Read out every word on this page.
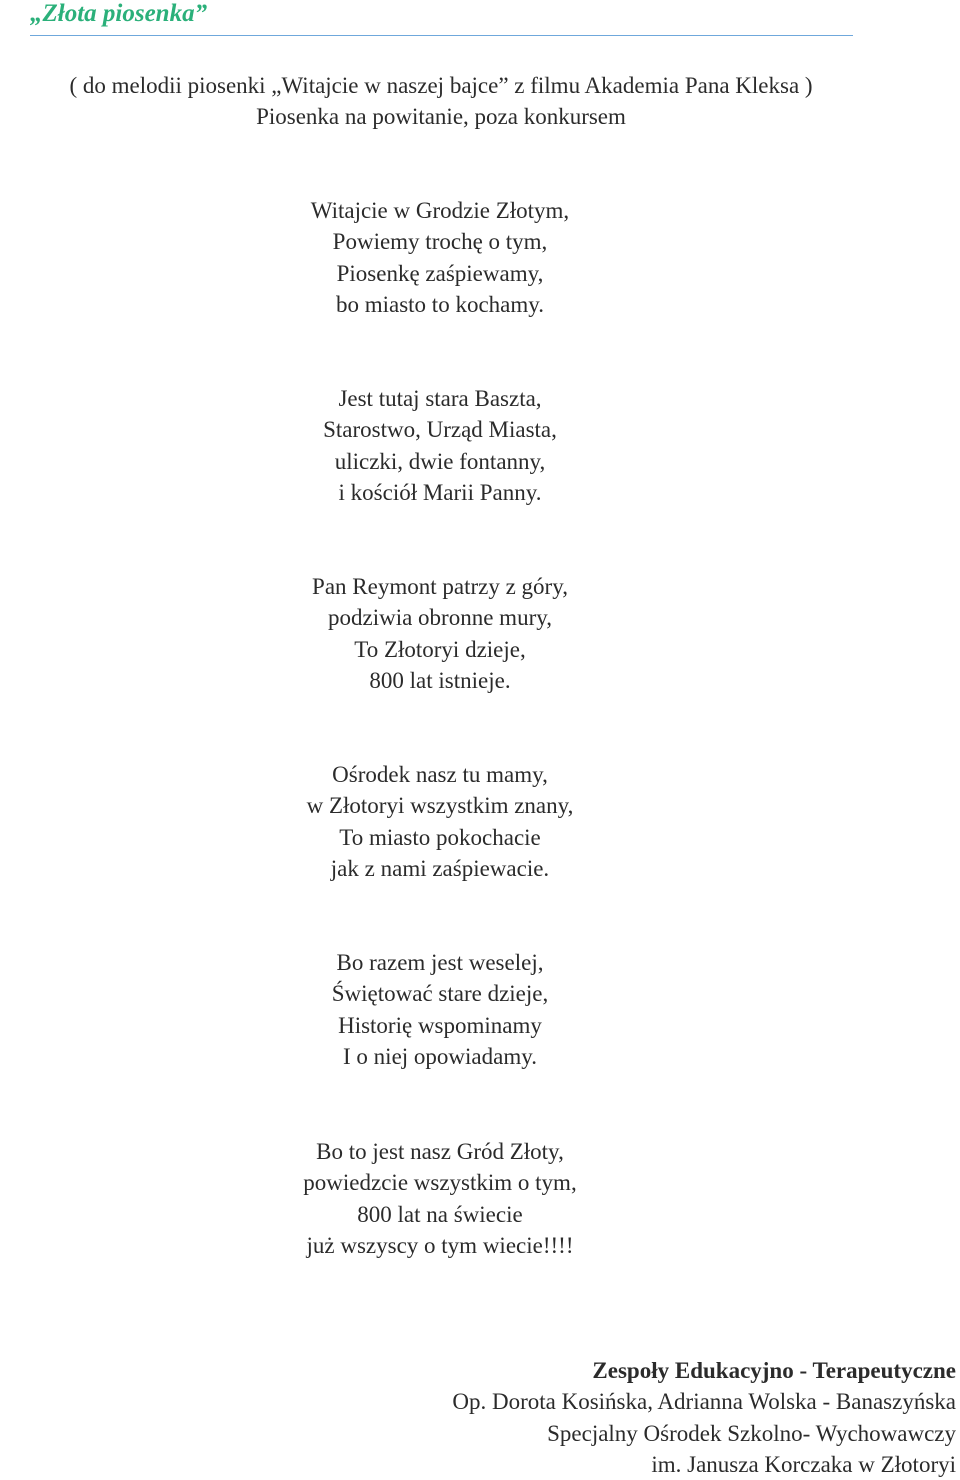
„Złota piosenka”
( do melodii piosenki „Witajcie w naszej bajce” z filmu Akademia Pana Kleksa )
Piosenka na powitanie, poza konkursem
Witajcie w Grodzie Złotym,
Powiemy trochę o tym,
Piosenkę zaśpiewamy,
bo miasto to kochamy.
Jest tutaj stara Baszta,
Starostwo, Urząd Miasta,
uliczki, dwie fontanny,
i kościół Marii Panny.
Pan Reymont patrzy z góry,
podziwia obronne mury,
To Złotoryi dzieje,
800 lat istnieje.
Ośrodek nasz tu mamy,
w Złotoryi wszystkim znany,
To miasto pokochacie
jak z nami zaśpiewacie.
Bo razem jest weselej,
Świętować stare dzieje,
Historię wspominamy
I o niej opowiadamy.
Bo to jest nasz Gród Złoty,
powiedzcie wszystkim o tym,
800 lat na świecie
już wszyscy o tym wiecie!!!!
Zespoły Edukacyjno - Terapeutyczne
Op. Dorota Kosińska, Adrianna Wolska - Banaszyńska
Specjalny Ośrodek Szkolno- Wychowawczy
im. Janusza Korczaka w Złotoryi
